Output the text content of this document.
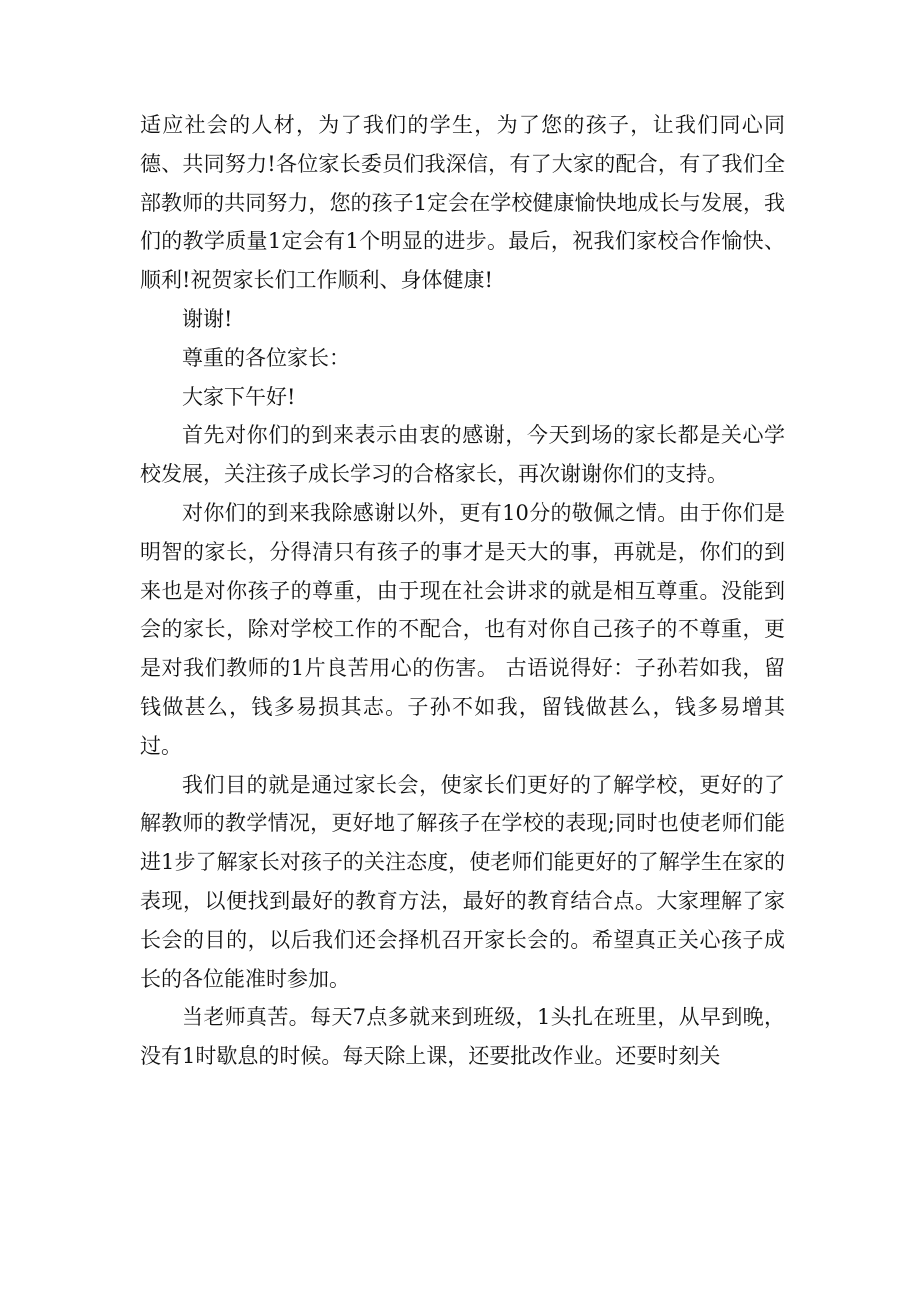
适应社会的人材，为了我们的学生，为了您的孩子，让我们同心同德、共同努力!各位家长委员们我深信，有了大家的配合，有了我们全部教师的共同努力，您的孩子1定会在学校健康愉快地成长与发展，我们的教学质量1定会有1个明显的进步。最后，祝我们家校合作愉快、顺利!祝贺家长们工作顺利、身体健康!

谢谢!

尊重的各位家长：

大家下午好!

首先对你们的到来表示由衷的感谢，今天到场的家长都是关心学校发展，关注孩子成长学习的合格家长，再次谢谢你们的支持。

对你们的到来我除感谢以外，更有10分的敬佩之情。由于你们是明智的家长，分得清只有孩子的事才是天大的事，再就是，你们的到来也是对你孩子的尊重，由于现在社会讲求的就是相互尊重。没能到会的家长，除对学校工作的不配合，也有对你自己孩子的不尊重，更是对我们教师的1片良苦用心的伤害。 古语说得好：子孙若如我，留钱做甚么，钱多易损其志。子孙不如我，留钱做甚么，钱多易增其过。

我们目的就是通过家长会，使家长们更好的了解学校，更好的了解教师的教学情况，更好地了解孩子在学校的表现;同时也使老师们能进1步了解家长对孩子的关注态度，使老师们能更好的了解学生在家的表现，以便找到最好的教育方法，最好的教育结合点。大家理解了家长会的目的，以后我们还会择机召开家长会的。希望真正关心孩子成长的各位能准时参加。

当老师真苦。每天7点多就来到班级，1头扎在班里，从早到晚，没有1时歇息的时候。每天除上课，还要批改作业。还要时刻关
